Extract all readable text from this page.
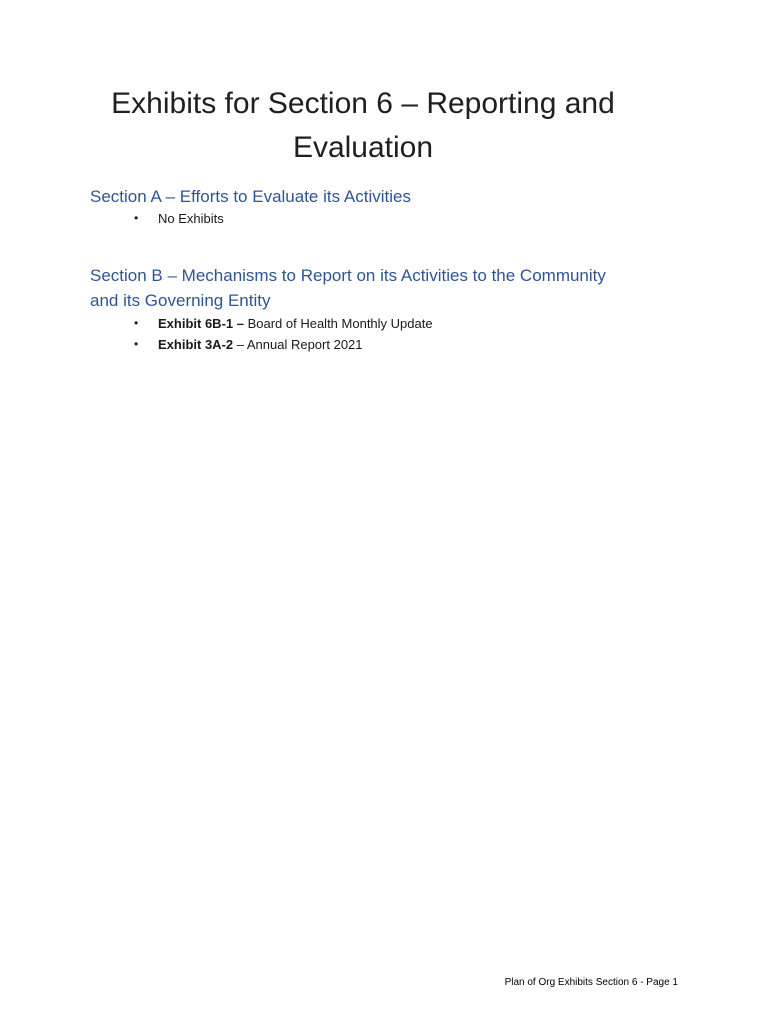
Exhibits for Section 6 – Reporting and
Evaluation
Section A – Efforts to Evaluate its Activities
• No Exhibits
Section B – Mechanisms to Report on its Activities to the Community
and its Governing Entity
• Exhibit 6B-1 – Board of Health Monthly Update
• Exhibit 3A-2 – Annual Report 2021
Plan of Org Exhibits Section 6 - Page 1
